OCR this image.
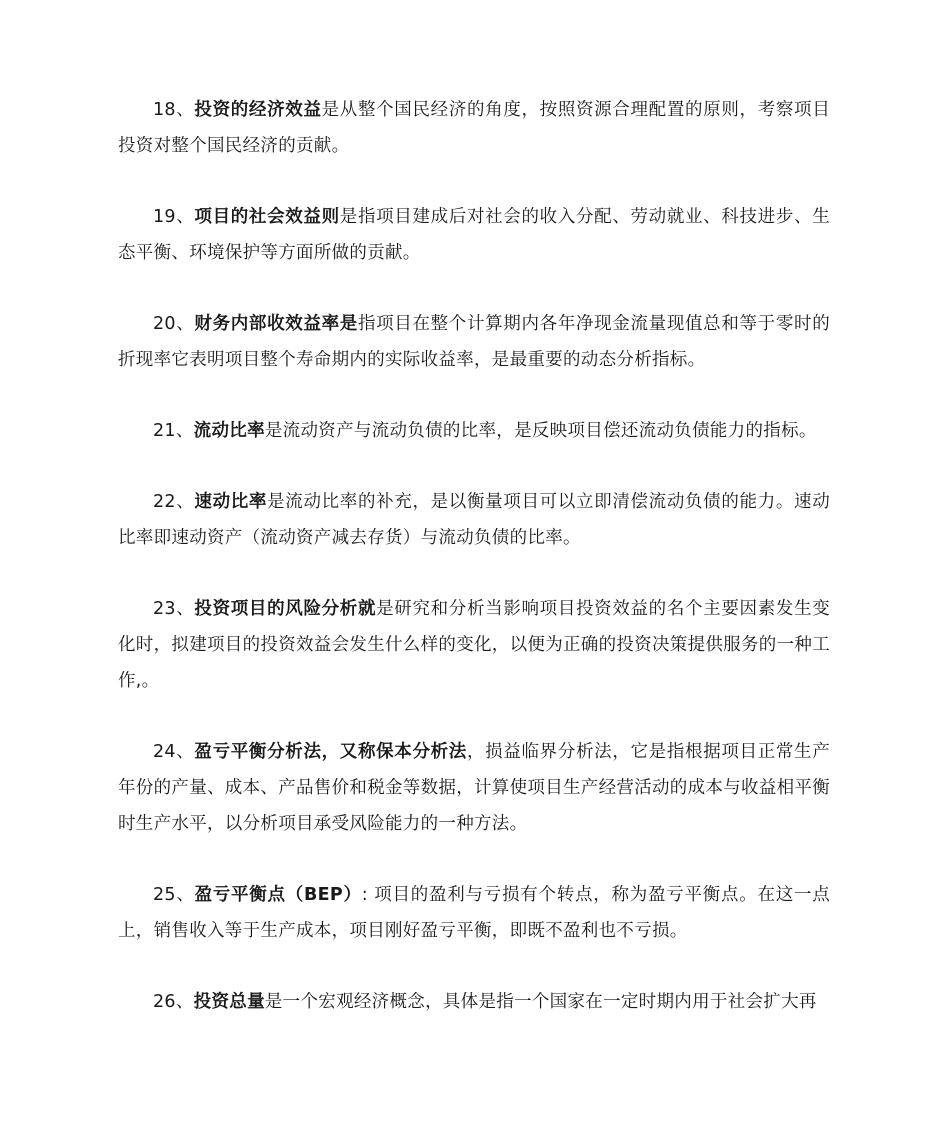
18、投资的经济效益是从整个国民经济的角度，按照资源合理配置的原则，考察项目投资对整个国民经济的贡献。

19、项目的社会效益则是指项目建成后对社会的收入分配、劳动就业、科技进步、生态平衡、环境保护等方面所做的贡献。

20、财务内部收效益率是指项目在整个计算期内各年净现金流量现值总和等于零时的折现率它表明项目整个寿命期内的实际收益率，是最重要的动态分析指标。

21、流动比率是流动资产与流动负债的比率，是反映项目偿还流动负债能力的指标。

22、速动比率是流动比率的补充，是以衡量项目可以立即清偿流动负债的能力。速动比率即速动资产（流动资产减去存货）与流动负债的比率。

23、投资项目的风险分析就是研究和分析当影响项目投资效益的名个主要因素发生变化时，拟建项目的投资效益会发生什么样的变化，以便为正确的投资决策提供服务的一种工作,。

24、盈亏平衡分析法，又称保本分析法，损益临界分析法，它是指根据项目正常生产年份的产量、成本、产品售价和税金等数据，计算使项目生产经营活动的成本与收益相平衡时生产水平，以分析项目承受风险能力的一种方法。

25、盈亏平衡点（BEP）: 项目的盈利与亏损有个转点，称为盈亏平衡点。在这一点上，销售收入等于生产成本，项目刚好盈亏平衡，即既不盈利也不亏损。

26、投资总量是一个宏观经济概念，具体是指一个国家在一定时期内用于社会扩大再
